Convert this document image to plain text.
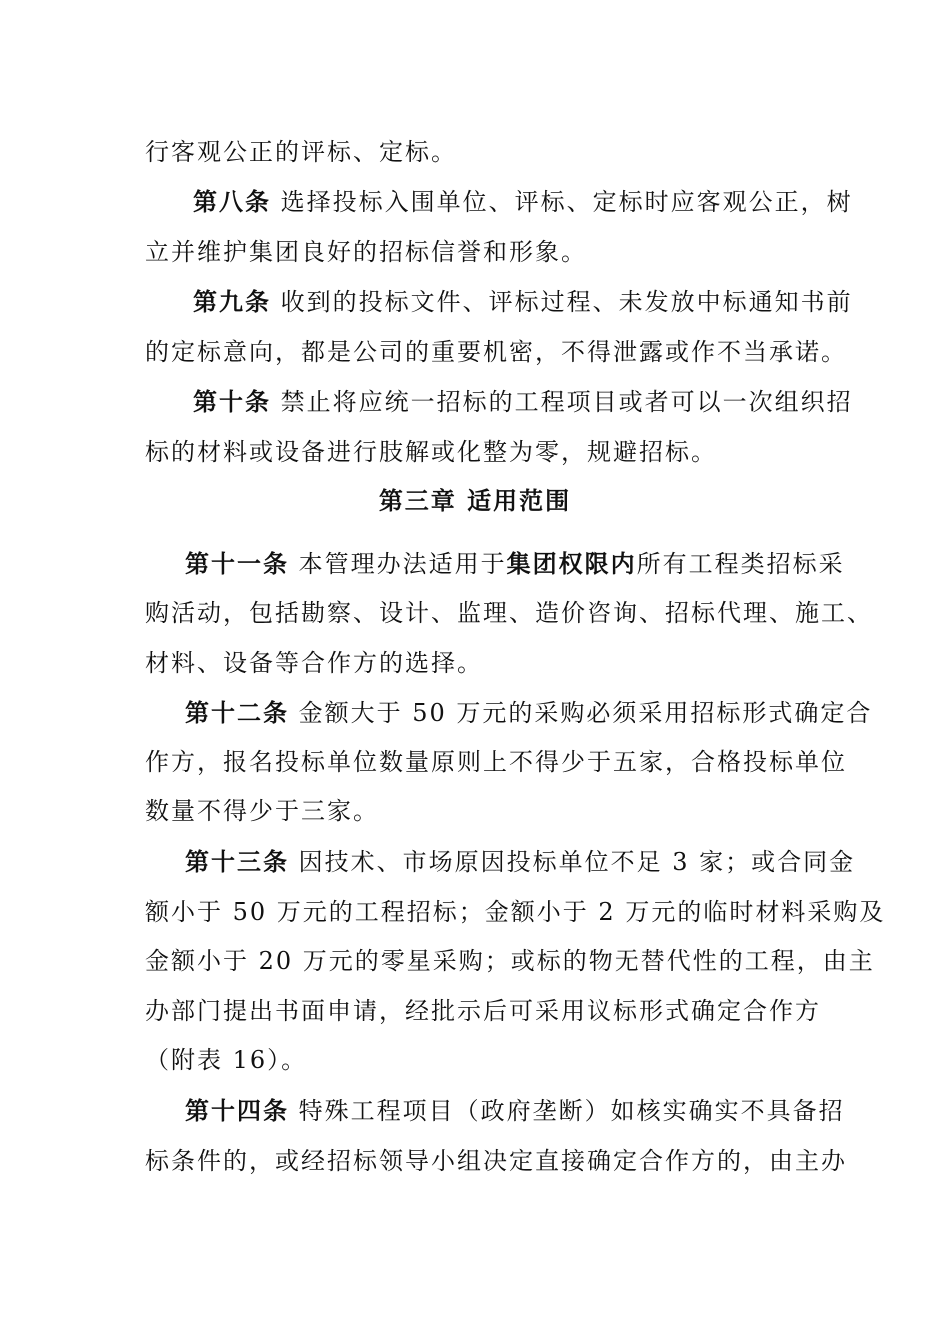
行客观公正的评标、定标。
第八条 选择投标入围单位、评标、定标时应客观公正，树
立并维护集团良好的招标信誉和形象。
第九条 收到的投标文件、评标过程、未发放中标通知书前
的定标意向，都是公司的重要机密，不得泄露或作不当承诺。
第十条 禁止将应统一招标的工程项目或者可以一次组织招
标的材料或设备进行肢解或化整为零，规避招标。
第三章 适用范围
第十一条 本管理办法适用于集团权限内所有工程类招标采
购活动，包括勘察、设计、监理、造价咨询、招标代理、施工、
材料、设备等合作方的选择。
第十二条 金额大于 50 万元的采购必须采用招标形式确定合
作方，报名投标单位数量原则上不得少于五家，合格投标单位
数量不得少于三家。
第十三条 因技术、市场原因投标单位不足 3 家；或合同金
额小于 50 万元的工程招标；金额小于 2 万元的临时材料采购及
金额小于 20 万元的零星采购；或标的物无替代性的工程，由主
办部门提出书面申请，经批示后可采用议标形式确定合作方
（附表 16）。
第十四条 特殊工程项目（政府垄断）如核实确实不具备招
标条件的，或经招标领导小组决定直接确定合作方的，由主办
